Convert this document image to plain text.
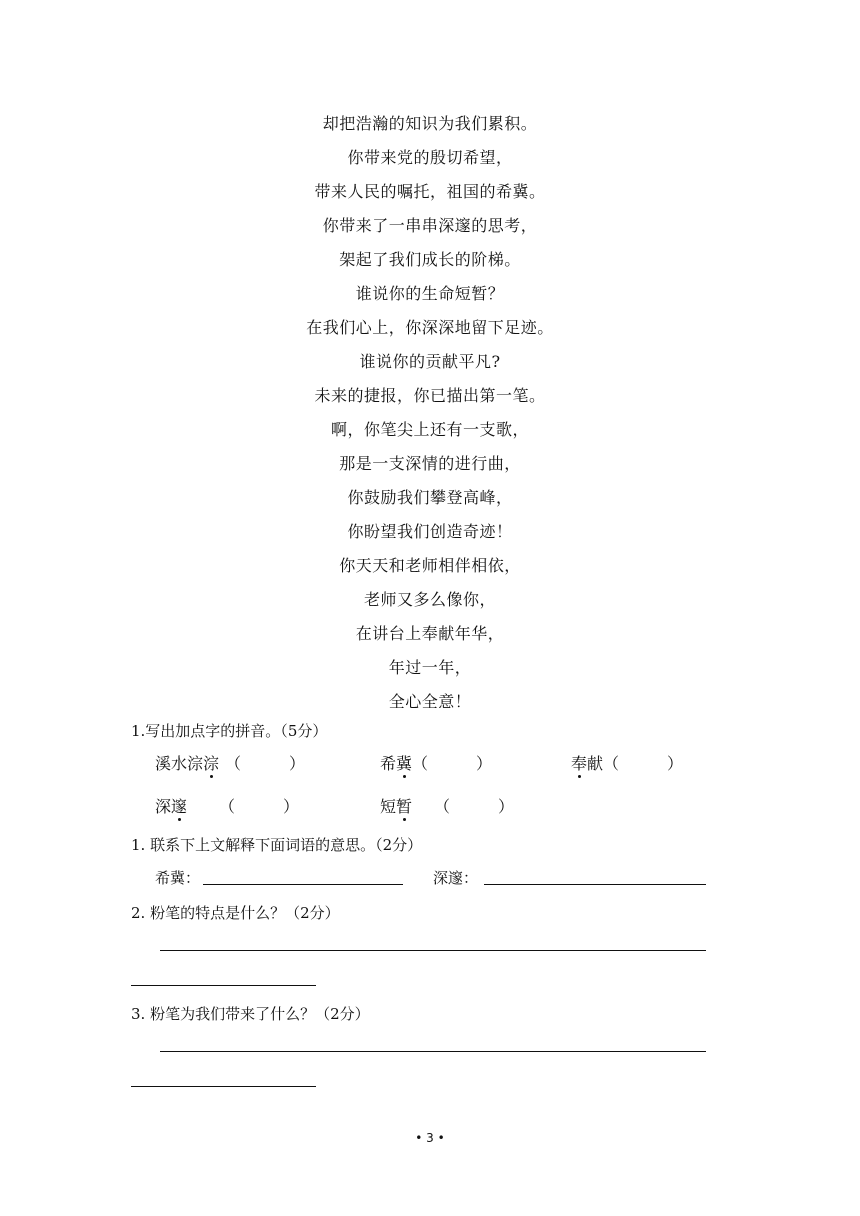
却把浩瀚的知识为我们累积。
你带来党的殷切希望，
带来人民的嘱托，祖国的希冀。
你带来了一串串深邃的思考，
架起了我们成长的阶梯。
谁说你的生命短暂？
在我们心上，你深深地留下足迹。
谁说你的贡献平凡?
未来的捷报，你已描出第一笔。
啊，你笔尖上还有一支歌，
那是一支深情的进行曲，
你鼓励我们攀登高峰，
你盼望我们创造奇迹！
你天天和老师相伴相依，
老师又多么像你，
在讲台上奉献年华，
年过一年，
全心全意！
1.写出加点字的拼音。（5分）
溪水淙淙 （　　　）	希冀（　　　）	奉献（　　　）
深邃 （　　　）	短暂 （　　　）
1. 联系下上文解释下面词语的意思。（2分）
希冀：	深邃：
2. 粉笔的特点是什么？（2分）
3. 粉笔为我们带来了什么？（2分）
• 3 •
